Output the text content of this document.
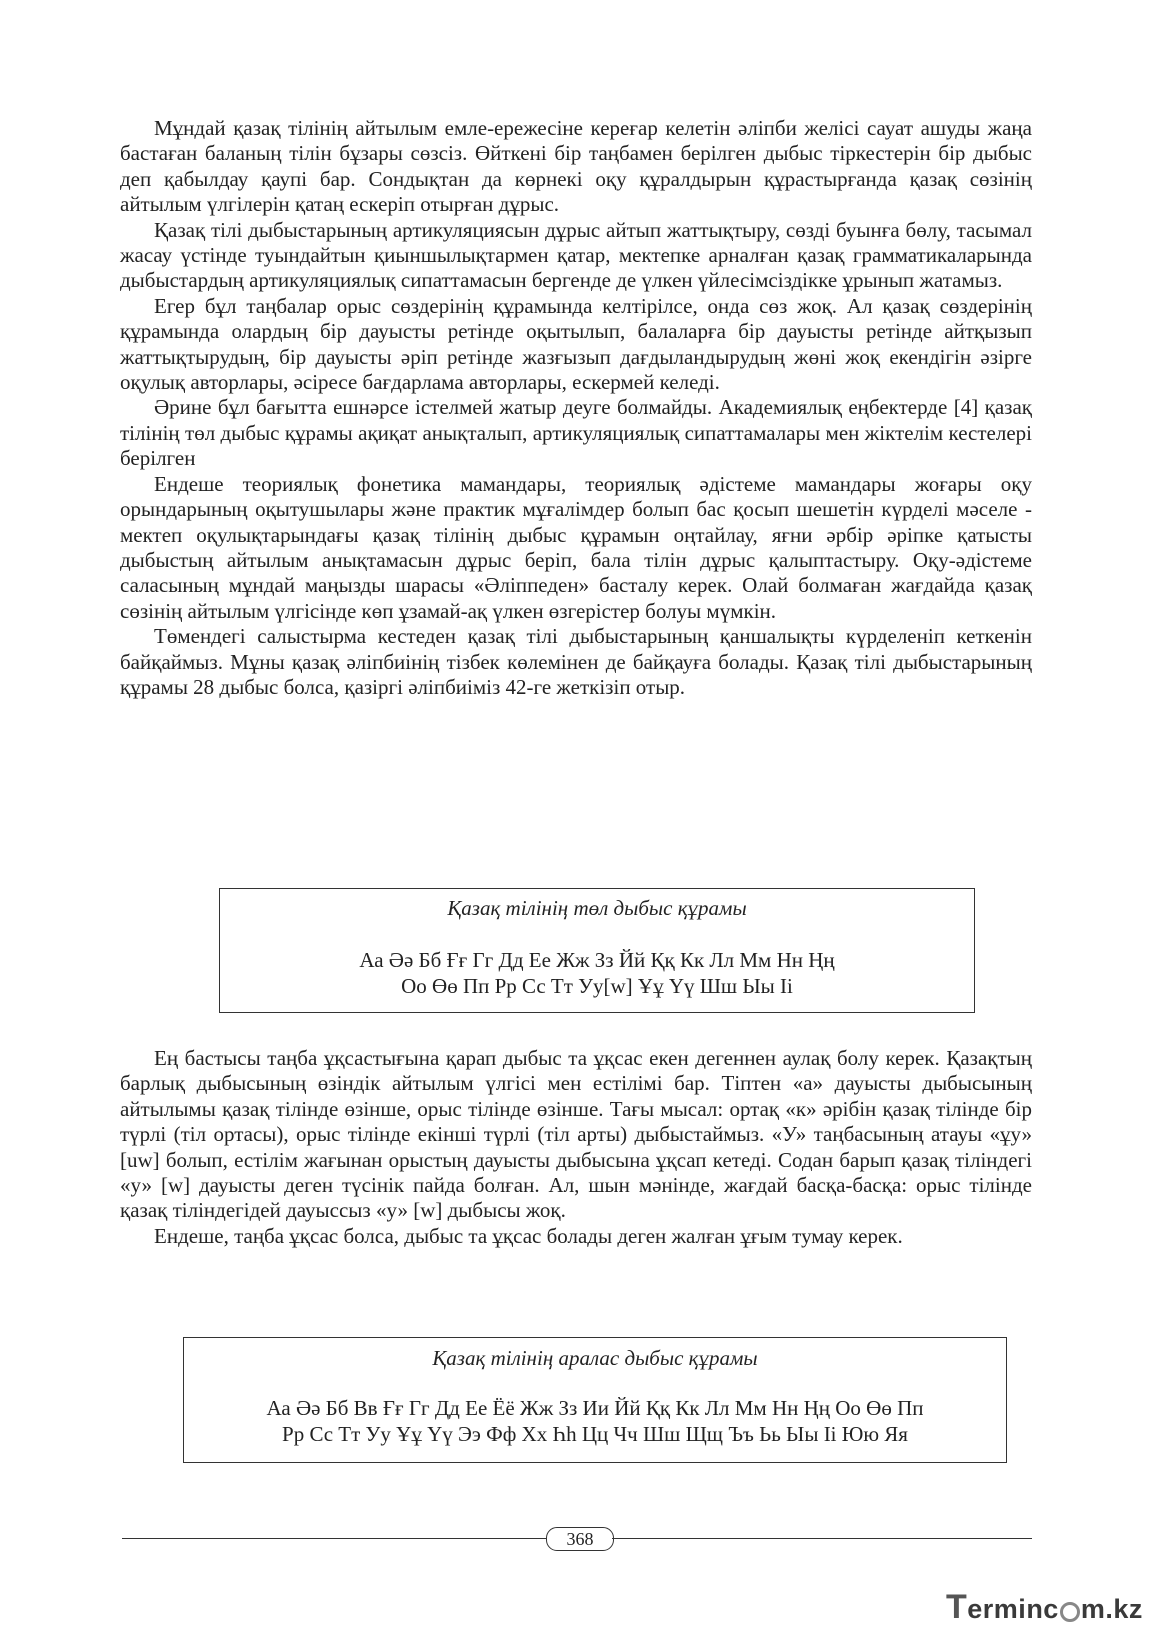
Мұндай қазақ тілінің айтылым емле-ережесіне кереғар келетін әліпби желісі сауат ашуды жаңа бастаған баланың тілін бұзары сөзсіз. Өйткені бір таңбамен берілген дыбыс тіркестерін бір дыбыс деп қабылдау қаупі бар. Сондықтан да көрнекі оқу құралдырын құрастырғанда қазақ сөзінің айтылым үлгілерін қатаң ескеріп отырған дұрыс.

Қазақ тілі дыбыстарының артикуляциясын дұрыс айтып жаттықтыру, сөзді буынға бөлу, тасымал жасау үстінде туындайтын қиыншылықтармен қатар, мектепке арналған қазақ грамматикаларында дыбыстардың артикуляциялық сипаттамасын бергенде де үлкен үйлесімсіздікке ұрынып жатамыз.

Егер бұл таңбалар орыс сөздерінің құрамында келтірілсе, онда сөз жоқ. Ал қазақ сөздерінің құрамында олардың бір дауысты ретінде оқытылып, балаларға бір дауысты ретінде айтқызып жаттықтырудың, бір дауысты әріп ретінде жазғызып дағдыландырудың жөні жоқ екендігін әзірге оқулық авторлары, әсіресе бағдарлама авторлары, ескермей келеді.

Әрине бұл бағытта ешнәрсе істелмей жатыр деуге болмайды. Академиялық еңбектерде [4] қазақ тілінің төл дыбыс құрамы ақиқат анықталып, артикуляциялық сипаттамалары мен жіктелім кестелері берілген

Ендеше теориялық фонетика мамандары, теориялық әдістеме мамандары жоғары оқу орындарының оқытушылары және практик мұғалімдер болып бас қосып шешетін күрделі мәселе - мектеп оқулықтарындағы қазақ тілінің дыбыс құрамын оңтайлау, яғни әрбір әріпке қатысты дыбыстың айтылым анықтамасын дұрыс беріп, бала тілін дұрыс қалыптастыру. Оқу-әдістеме саласының мұндай маңызды шарасы «Әліппеден» басталу керек. Олай болмаған жағдайда қазақ сөзінің айтылым үлгісінде көп ұзамай-ақ үлкен өзгерістер болуы мүмкін.

Төмендегі салыстырма кестеден қазақ тілі дыбыстарының қаншалықты күрделеніп кеткенін байқаймыз. Мұны қазақ әліпбиінің тізбек көлемінен де байқауға болады. Қазақ тілі дыбыстарының құрамы 28 дыбыс болса, қазіргі әліпбиіміз 42-ге жеткізіп отыр.

Қазақ тілінің төл дыбыс құрамы

Аа Әә Бб Ғғ Гг Дд Ее Жж Зз Йй Ққ Кк Лл Мм Нн Ңң

Оо Өө Пп Рр Сс Тт Уу[w] Ұұ Үү Шш Ыы Іі

Ең бастысы таңба ұқсастығына қарап дыбыс та ұқсас екен дегеннен аулақ болу керек. Қазақтың барлық дыбысының өзіндік айтылым үлгісі мен естілімі бар. Тіптен «а» дауысты дыбысының айтылымы қазақ тілінде өзінше, орыс тілінде өзінше. Тағы мысал: ортақ «к» әрібін қазақ тілінде бір түрлі (тіл ортасы), орыс тілінде екінші түрлі (тіл арты) дыбыстаймыз. «У» таңбасының атауы «ұу» [uw] болып, естілім жағынан орыстың дауысты дыбысына ұқсап кетеді. Содан барып қазақ тіліндегі «у» [w] дауысты деген түсінік пайда болған. Ал, шын мәнінде, жағдай басқа-басқа: орыс тілінде қазақ тіліндегідей дауыссыз «у» [w] дыбысы жоқ.

Ендеше, таңба ұқсас болса, дыбыс та ұқсас болады деген жалған ұғым тумау керек.

Қазақ тілінің аралас дыбыс құрамы

Аа Әә Бб Вв Ғғ Гг Дд Ее Ёё Жж Зз Ии Йй Ққ Кк Лл Мм Нн Ңң Оо Өө Пп

Рр Сс Тт Уу Ұұ Үү Ээ Фф Хх Һһ Цц Чч Шш Щщ Ъъ Ьь Ыы Іі Юю Яя

368
Terminc m.kz
